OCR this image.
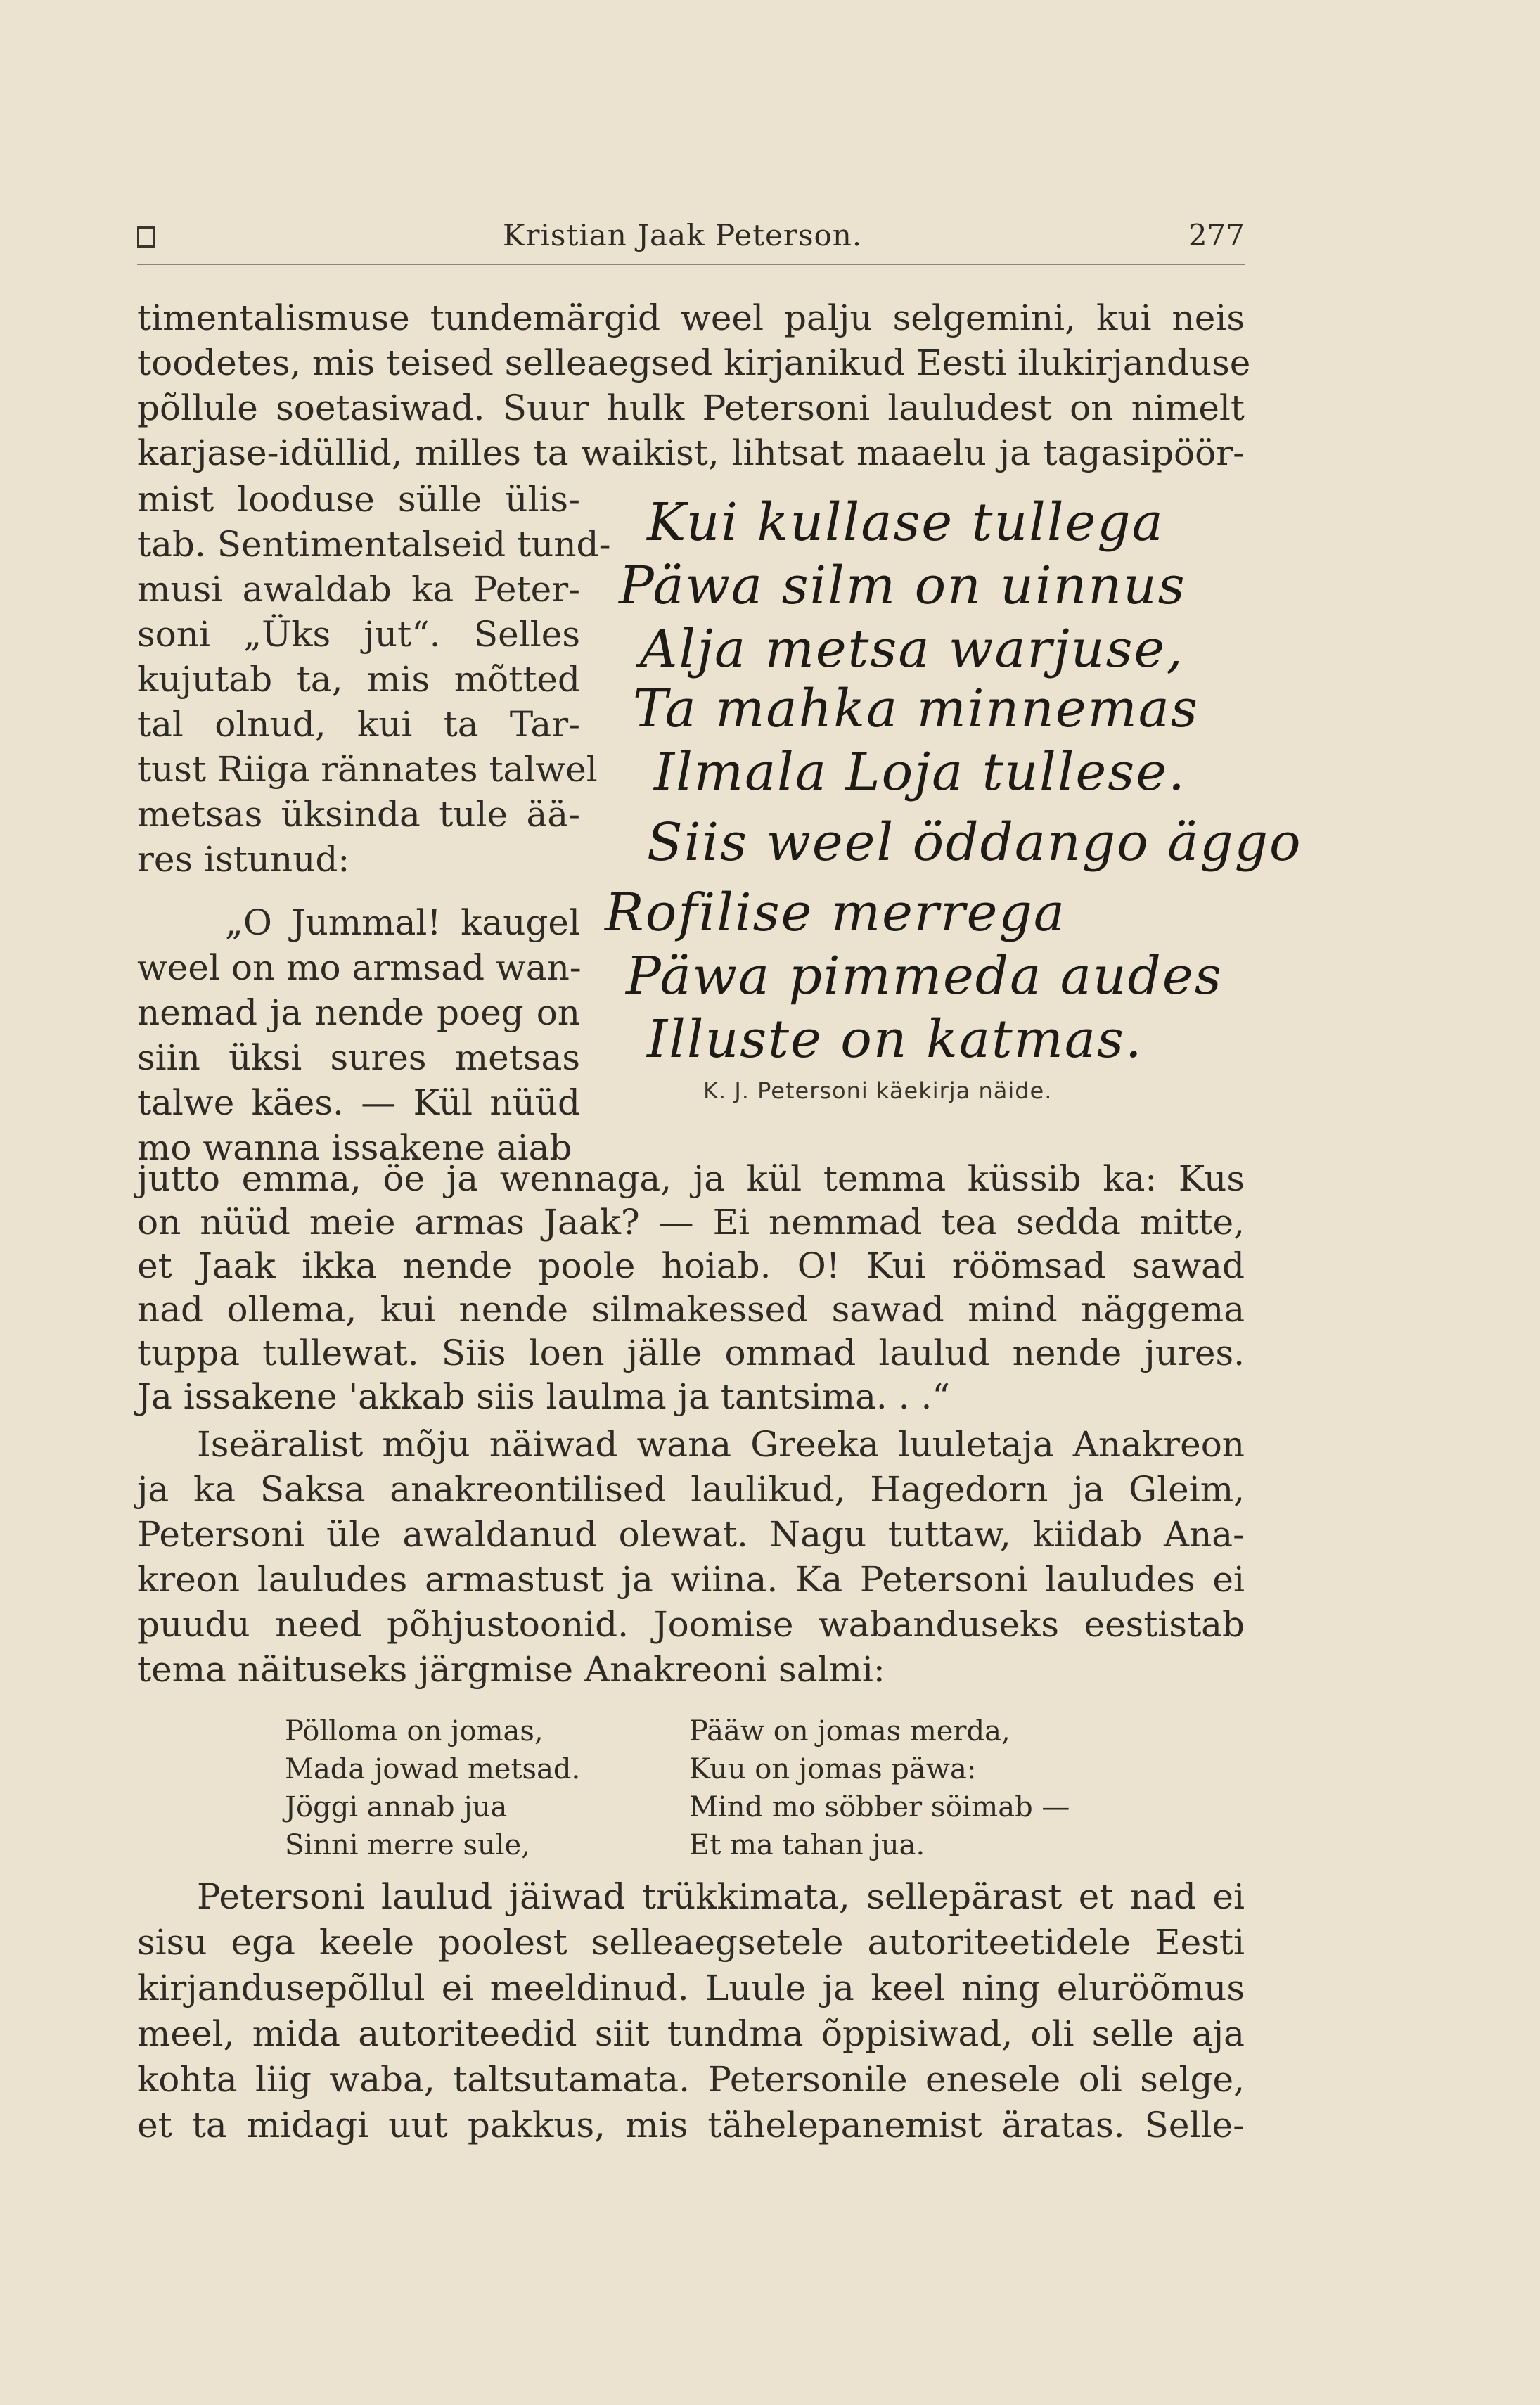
Kristian Jaak Peterson.	277
timentalismuse tundemärgid weel palju selgemini, kui neis
toodetes, mis teised selleaegsed kirjanikud Eesti ilukirjanduse
põllule soetasiwad. Suur hulk Petersoni lauludest on nimelt
karjase-idüllid, milles ta waikist, lihtsat maaelu ja tagasipöör-
mist looduse sülle ülis-
tab. Sentimentalseid tund-
musi awaldab ka Peter-
soni „Üks jut“. Selles
kujutab ta, mis mõtted
tal olnud, kui ta Tar-
tust Riiga rännates talwel
metsas üksinda tule ää-
res istunud:
„O Jummal! kaugel
weel on mo armsad wan-
nemad ja nende poeg on
siin üksi sures metsas
talwe käes. — Kül nüüd
mo wanna issakene aiab
Kui kullase tullega
Päwa silm on uinnus
Alja metsa warjuse,
Ta mahka minnemas
Ilmala Loja tullese.
Siis weel öddango äggo
Rofilise merrega
Päwa pimmeda audes
Illuste on katmas.
K. J. Petersoni käekirja näide.
jutto emma, öe ja wennaga, ja kül temma küssib ka: Kus
on nüüd meie armas Jaak? — Ei nemmad tea sedda mitte,
et Jaak ikka nende poole hoiab. O! Kui röömsad sawad
nad ollema, kui nende silmakessed sawad mind näggema
tuppa tullewat. Siis loen jälle ommad laulud nende jures.
Ja issakene 'akkab siis laulma ja tantsima. . .“
Iseäralist mõju näiwad wana Greeka luuletaja Anakreon
ja ka Saksa anakreontilised laulikud, Hagedorn ja Gleim,
Petersoni üle awaldanud olewat. Nagu tuttaw, kiidab Ana-
kreon lauludes armastust ja wiina. Ka Petersoni lauludes ei
puudu need põhjustoonid. Joomise wabanduseks eestistab
tema näituseks järgmise Anakreoni salmi:
Pölloma on jomas,
Mada jowad metsad.
Jöggi annab jua
Sinni merre sule,
Pääw on jomas merda,
Kuu on jomas päwa:
Mind mo söbber söimab —
Et ma tahan jua.
Petersoni laulud jäiwad trükkimata, sellepärast et nad ei
sisu ega keele poolest selleaegsetele autoriteetidele Eesti
kirjandusepõllul ei meeldinud. Luule ja keel ning eluröõmus
meel, mida autoriteedid siit tundma õppisiwad, oli selle aja
kohta liig waba, taltsutamata. Petersonile enesele oli selge,
et ta midagi uut pakkus, mis tähelepanemist äratas. Selle-
